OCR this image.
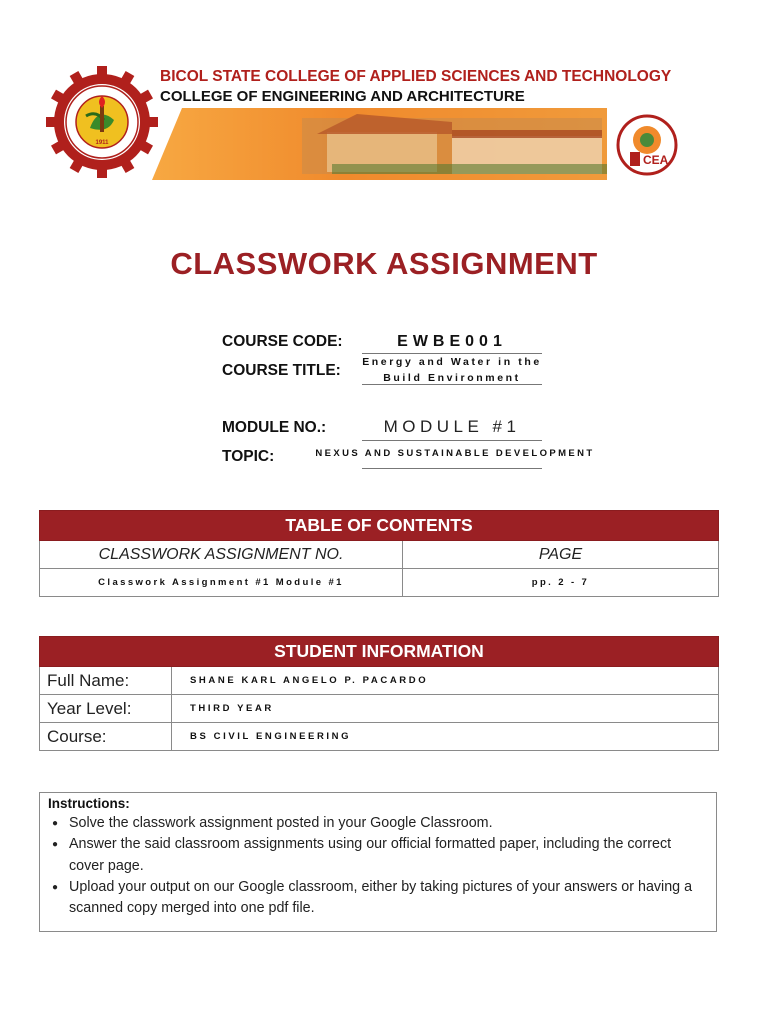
1911
BICOL STATE COLLEGE OF APPLIED SCIENCES AND TECHNOLOGY
COLLEGE OF ENGINEERING AND ARCHITECTURE
CEA
CLASSWORK ASSIGNMENT
COURSE CODE:	EWBE001
COURSE TITLE:	Energy and Water in the
Build Environment
MODULE NO.:	MODULE #1
TOPIC:	NEXUS AND SUSTAINABLE DEVELOPMENT
TABLE OF CONTENTS	
CLASSWORK ASSIGNMENT NO.	PAGE
Classwork Assignment #1 Module #1	pp. 2 - 7
STUDENT INFORMATION	
Full Name:	SHANE KARL ANGELO P. PACARDO
Year Level:	THIRD YEAR
Course:	BS CIVIL ENGINEERING
Instructions:
● Solve the classwork assignment posted in your Google Classroom.
● Answer the said classroom assignments using our official formatted paper, including the correct cover page.
● Upload your output on our Google classroom, either by taking pictures of your answers or having a scanned copy merged into one pdf file.
